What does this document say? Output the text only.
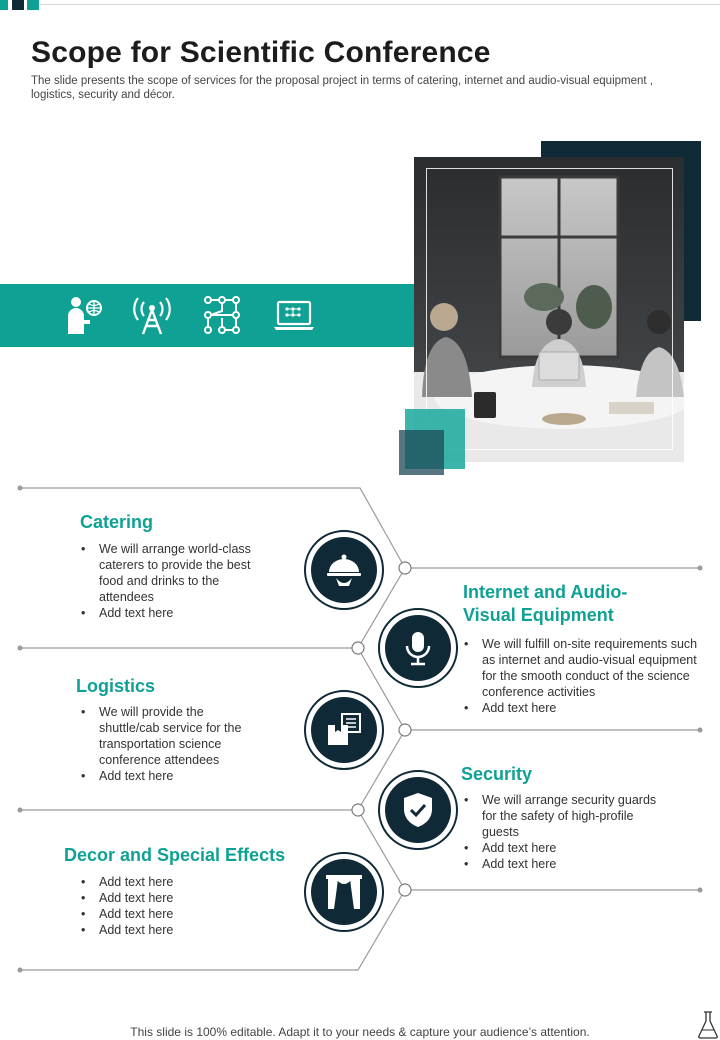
Scope for Scientific Conference

The slide presents the scope of services for the proposal project in terms of catering, internet and audio-visual equipment , logistics, security and décor.

Catering
• We will arrange world-class caterers to provide the best food and drinks to the attendees
• Add text here
Internet and Audio-
Visual Equipment
• We will fulfill on-site requirements such as internet and audio-visual equipment for the smooth conduct of the science conference activities
• Add text here
Logistics
• We will provide the shuttle/cab service for the transportation science conference attendees
• Add text here	Security
• We will arrange security guards for the safety of high-profile guests
• Add text here
• Add text here
Decor and Special Effects
• Add text here
• Add text here
• Add text here
• Add text here
This slide is 100% editable. Adapt it to your needs & capture your audience’s attention.
